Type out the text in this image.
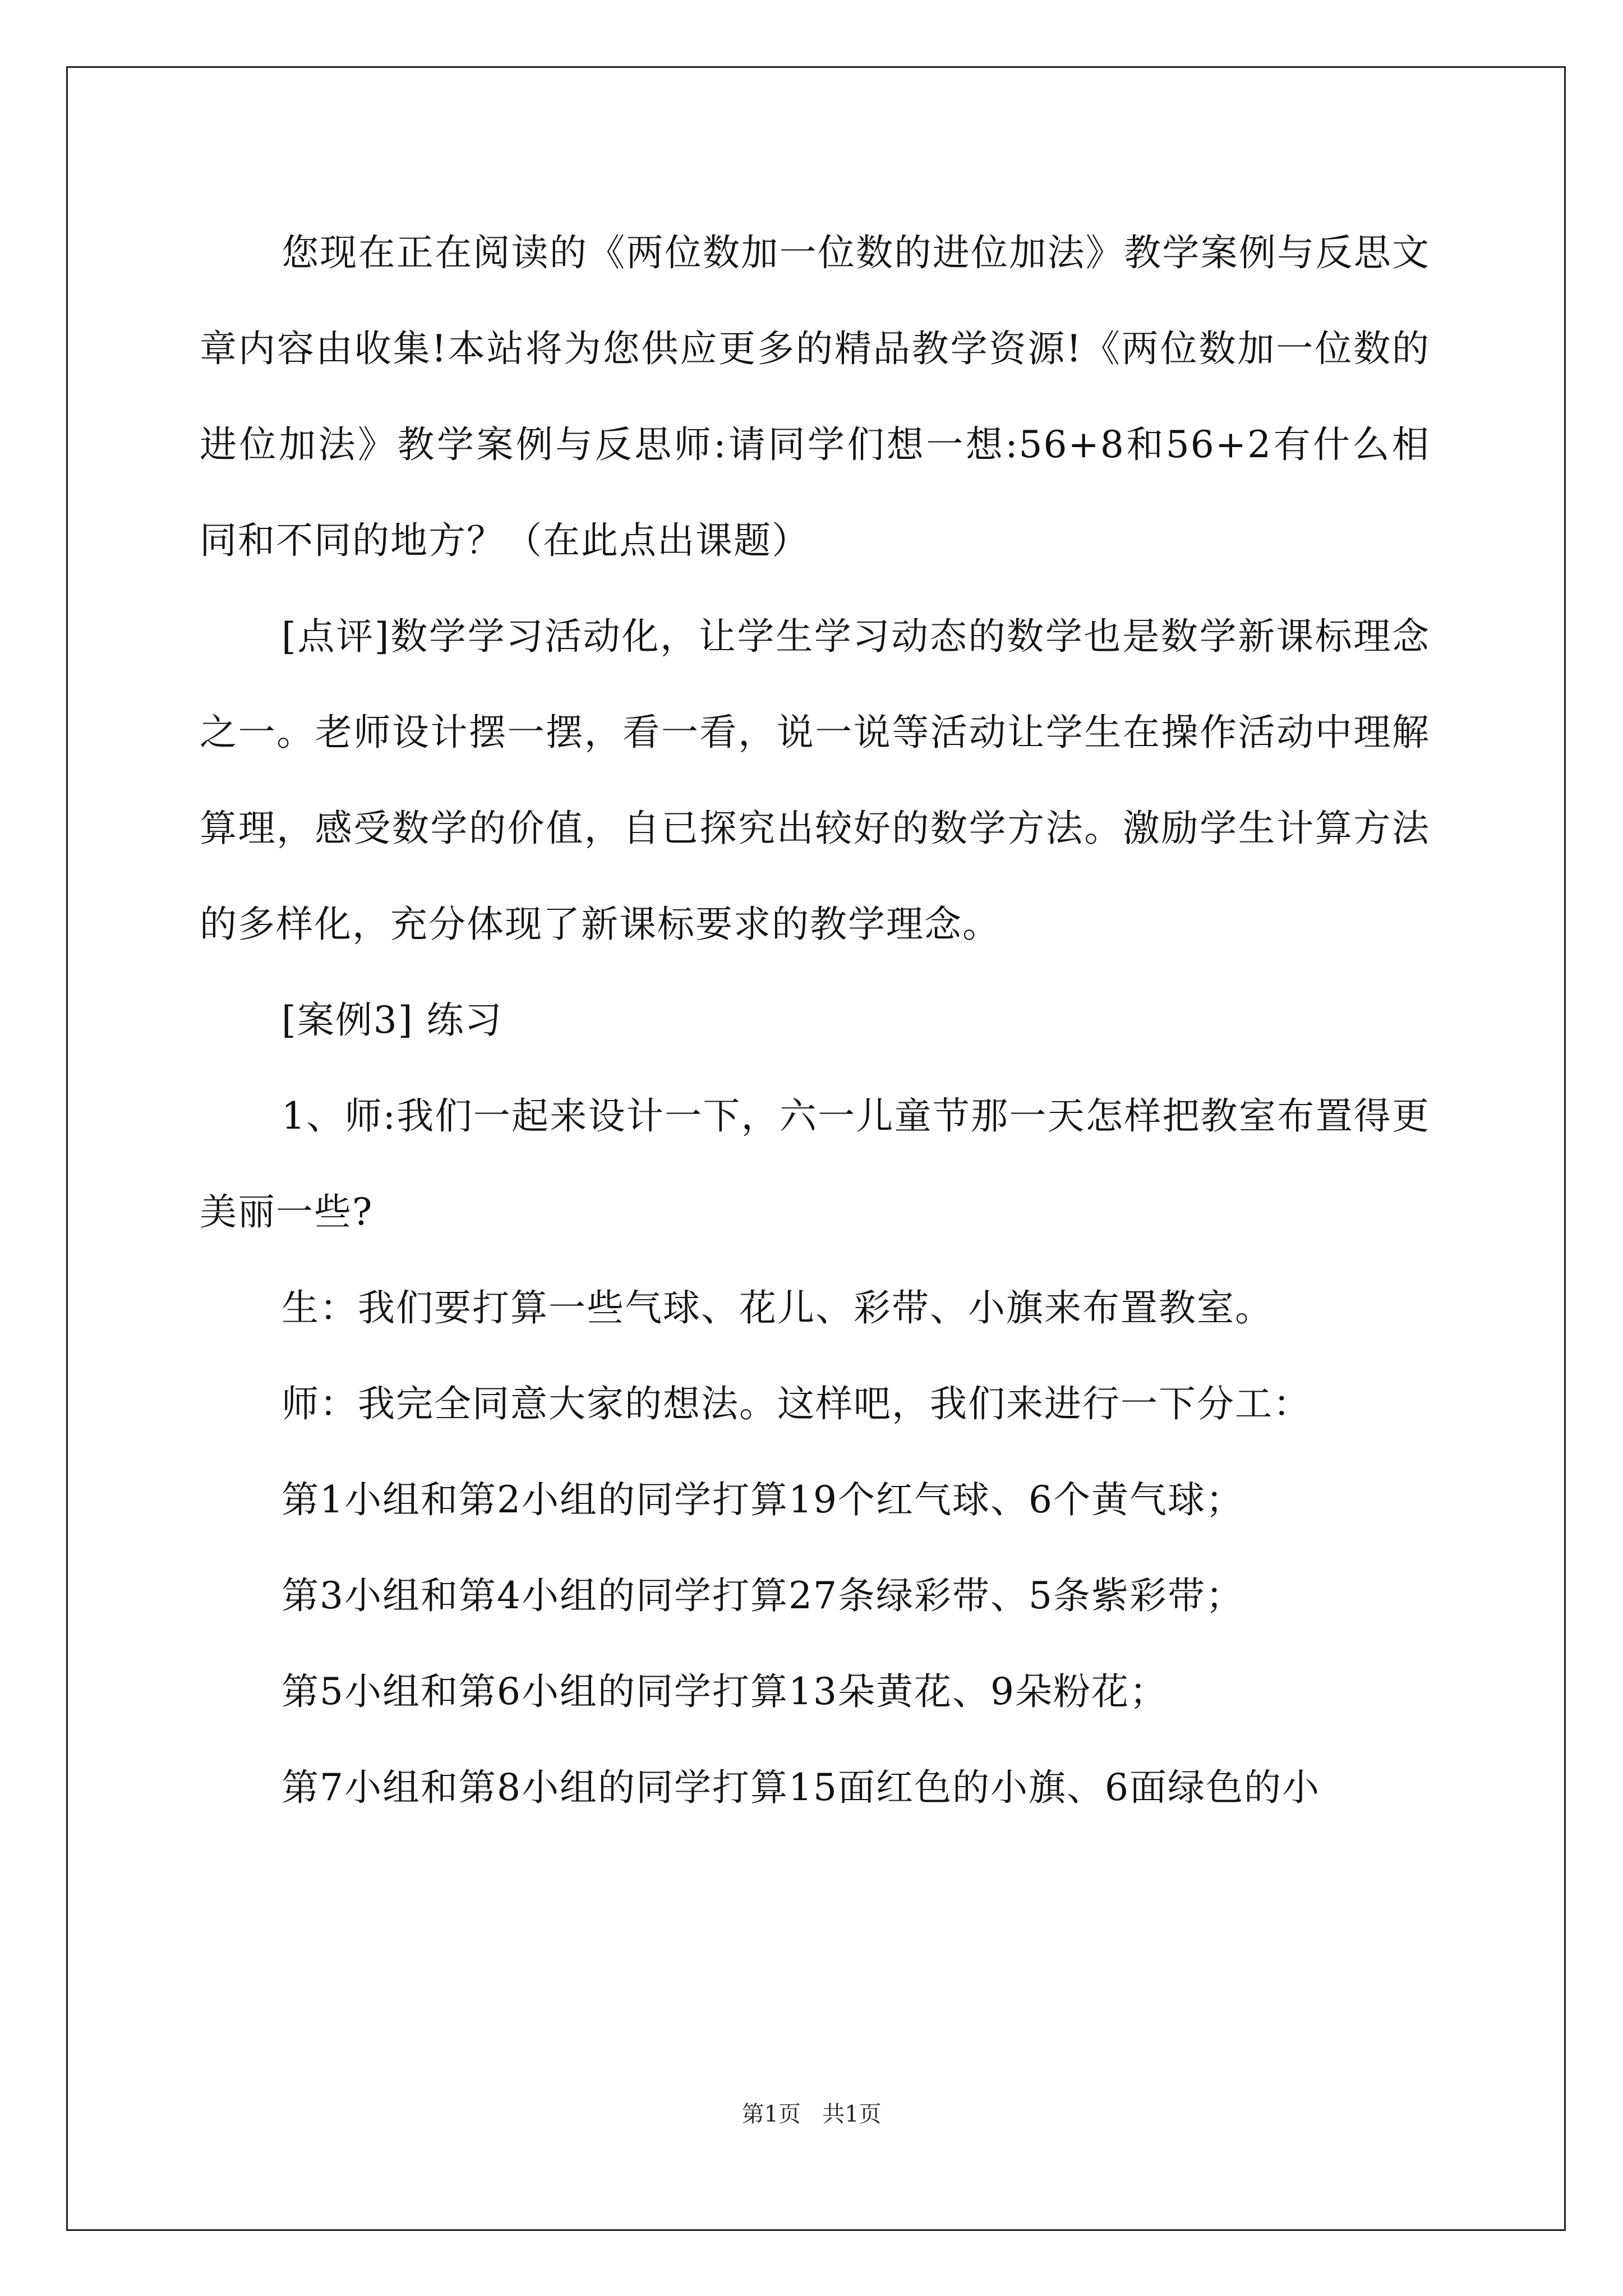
您现在正在阅读的《两位数加一位数的进位加法》教学案例与反思文章内容由收集!本站将为您供应更多的精品教学资源!《两位数加一位数的进位加法》教学案例与反思师:请同学们想一想:56+8和56+2有什么相同和不同的地方？（在此点出课题）

[点评]数学学习活动化，让学生学习动态的数学也是数学新课标理念之一。老师设计摆一摆，看一看，说一说等活动让学生在操作活动中理解算理，感受数学的价值，自已探究出较好的数学方法。激励学生计算方法的多样化，充分体现了新课标要求的教学理念。

[案例3] 练习

1、师:我们一起来设计一下，六一儿童节那一天怎样把教室布置得更美丽一些?

生：我们要打算一些气球、花儿、彩带、小旗来布置教室。

师：我完全同意大家的想法。这样吧，我们来进行一下分工：

第1小组和第2小组的同学打算19个红气球、6个黄气球；

第3小组和第4小组的同学打算27条绿彩带、5条紫彩带；

第5小组和第6小组的同学打算13朵黄花、9朵粉花；

第7小组和第8小组的同学打算15面红色的小旗、6面绿色的小

第1页 共1页
